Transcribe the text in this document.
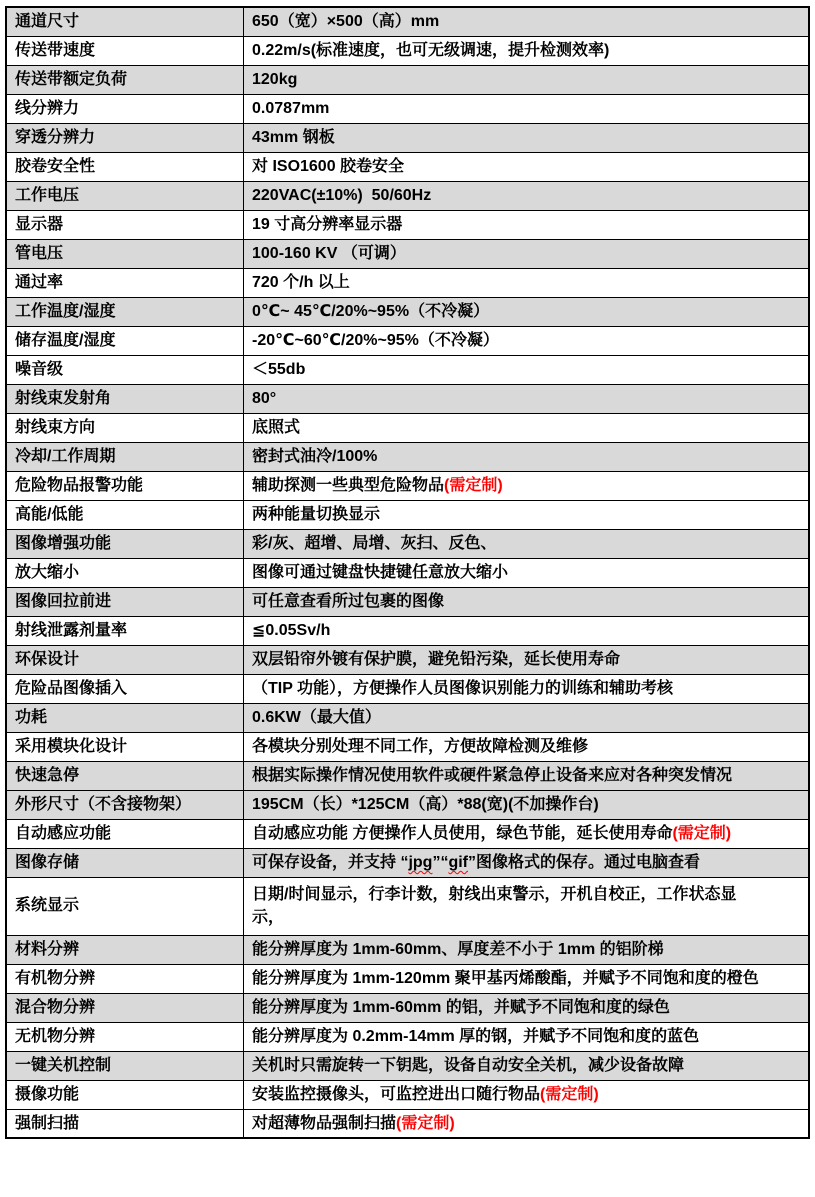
通道尺寸	650（宽）×500（高）mm
传送带速度	0.22m/s(标准速度，也可无级调速，提升检测效率)
传送带额定负荷	120kg
线分辨力	0.0787mm
穿透分辨力	43mm 钢板
胶卷安全性	对 ISO1600 胶卷安全
工作电压	220VAC(±10%)  50/60Hz
显示器	19 寸高分辨率显示器
管电压	100-160 KV （可调）
通过率	720 个/h 以上
工作温度/湿度	0℃~ 45℃/20%~95%（不冷凝）
储存温度/湿度	-20℃~60℃/20%~95%（不冷凝）
噪音级	＜55db
射线束发射角	80°
射线束方向	底照式
冷却/工作周期	密封式油冷/100%
危险物品报警功能	辅助探测一些典型危险物品(需定制)
高能/低能	两种能量切换显示
图像增强功能	彩/灰、超增、局增、灰扫、反色、
放大缩小	图像可通过键盘快捷键任意放大缩小
图像回拉前进	可任意查看所过包裹的图像
射线泄露剂量率	≦0.05Sv/h
环保设计	双层铅帘外镀有保护膜，避免铅污染，延长使用寿命
危险品图像插入	（TIP 功能），方便操作人员图像识别能力的训练和辅助考核
功耗	0.6KW（最大值）
采用模块化设计	各模块分别处理不同工作，方便故障检测及维修
快速急停	根据实际操作情况使用软件或硬件紧急停止设备来应对各种突发情况
外形尺寸（不含接物架）	195CM（长）*125CM（高）*88(宽)(不加操作台)
自动感应功能	自动感应功能 方便操作人员使用，绿色节能，延长使用寿命(需定制)
图像存储	可保存设备，并支持 “jpg”“gif”图像格式的保存。通过电脑查看
系统显示	日期/时间显示，行李计数，射线出束警示，开机自校正，工作状态显
示，
材料分辨	能分辨厚度为 1mm-60mm、厚度差不小于 1mm 的铝阶梯
有机物分辨	能分辨厚度为 1mm-120mm 聚甲基丙烯酸酯，并赋予不同饱和度的橙色
混合物分辨	能分辨厚度为 1mm-60mm 的铝，并赋予不同饱和度的绿色
无机物分辨	能分辨厚度为 0.2mm-14mm 厚的钢，并赋予不同饱和度的蓝色
一键关机控制	关机时只需旋转一下钥匙，设备自动安全关机，减少设备故障
摄像功能	安装监控摄像头，可监控进出口随行物品(需定制)
强制扫描	对超薄物品强制扫描(需定制)
